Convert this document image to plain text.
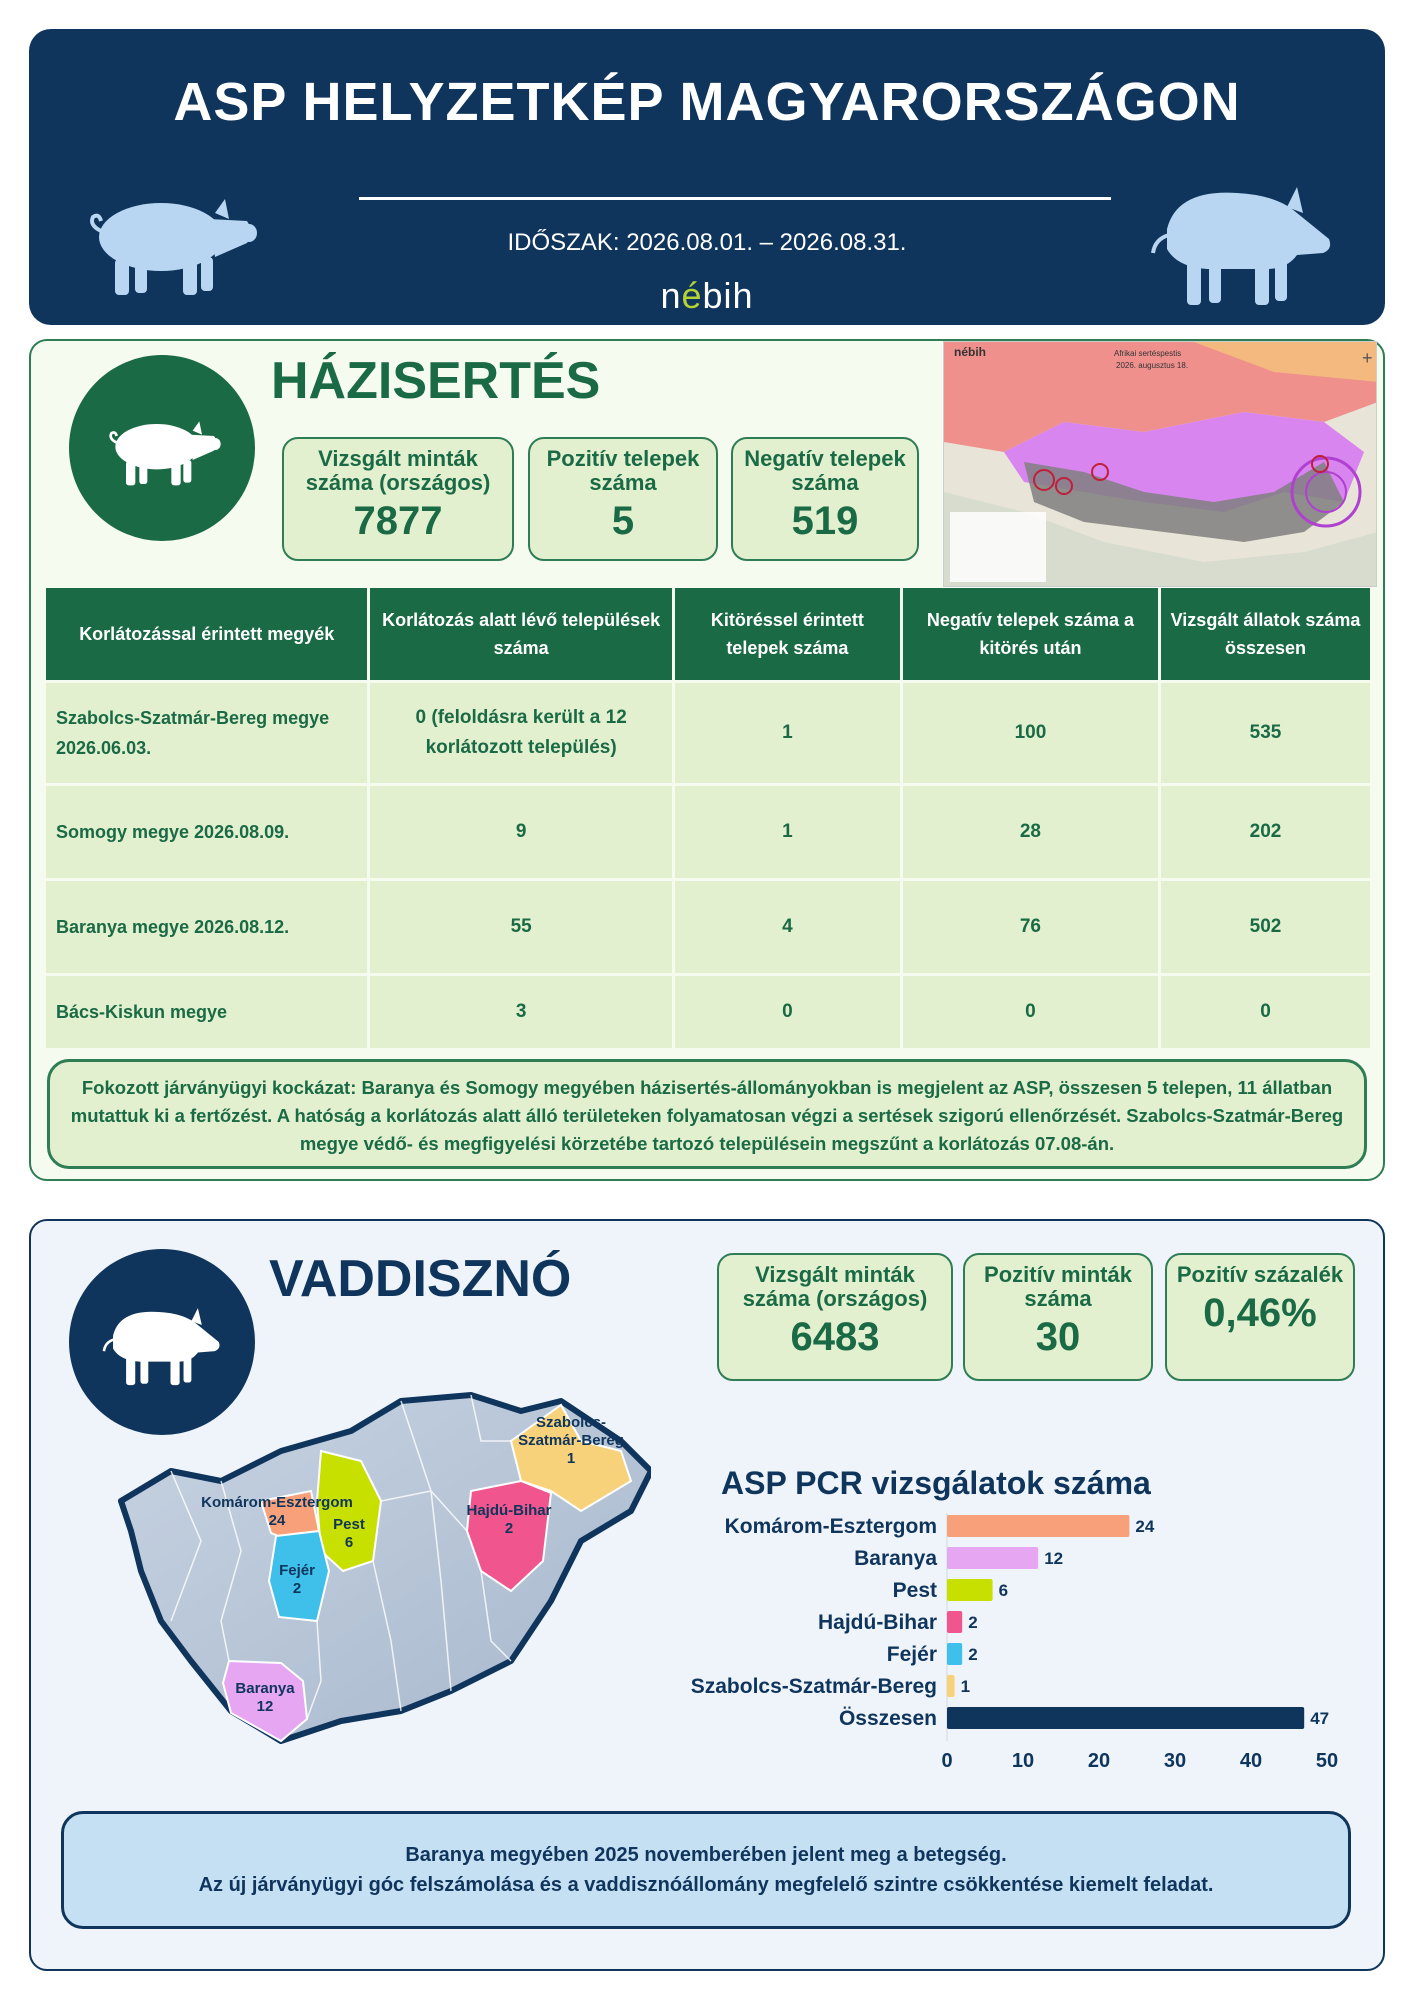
ASP HELYZETKÉP MAGYARORSZÁGON
IDŐSZAK: 2026.08.01. – 2026.08.31.
nébih
HÁZISERTÉS
Vizsgált minták száma (országos)
7877
Pozitív telepek száma
5
Negatív telepek száma
519
nébih	Afrikai sertéspestis
2026. augusztus 18.	+
Korlátozással érintett megyék	Korlátozás alatt lévő települések száma	Kitöréssel érintett telepek száma	Negatív telepek száma a kitörés után	Vizsgált állatok száma összesen
Szabolcs-Szatmár-Bereg megye 2026.06.03.	0 (feloldásra került a 12 korlátozott település)	1	100	535
Somogy megye 2026.08.09.	9	1	28	202
Baranya megye 2026.08.12.	55	4	76	502
Bács-Kiskun megye	3	0	0	0
Fokozott járványügyi kockázat: Baranya és Somogy megyében házisertés-állományokban is megjelent az ASP, összesen 5 telepen, 11 állatban mutattuk ki a fertőzést. A hatóság a korlátozás alatt álló területeken folyamatosan végzi a sertések szigorú ellenőrzését. Szabolcs-Szatmár-Bereg megye védő- és megfigyelési körzetébe tartozó településein megszűnt a korlátozás 07.08-án.
VADDISZNÓ	Vizsgált minták száma (országos)
6483
Pozitív minták száma
30
Pozitív százalék
0,46%
Komárom-Esztergom
24	Pest
6
Fejér
2
Szabolcs-
Szatmár-Bereg
1
Hajdú-Bihar
2
Baranya
12
ASP PCR vizsgálatok száma
Komárom-Esztergom	24
Baranya	12
Pest	6
Hajdú-Bihar 2
Fejér 2
Szabolcs-Szatmár-Bereg 1
Összesen	47
0	10	20	30	40	50
Baranya megyében 2025 novemberében jelent meg a betegség.
Az új járványügyi góc felszámolása és a vaddisznóállomány megfelelő szintre csökkentése kiemelt feladat.
